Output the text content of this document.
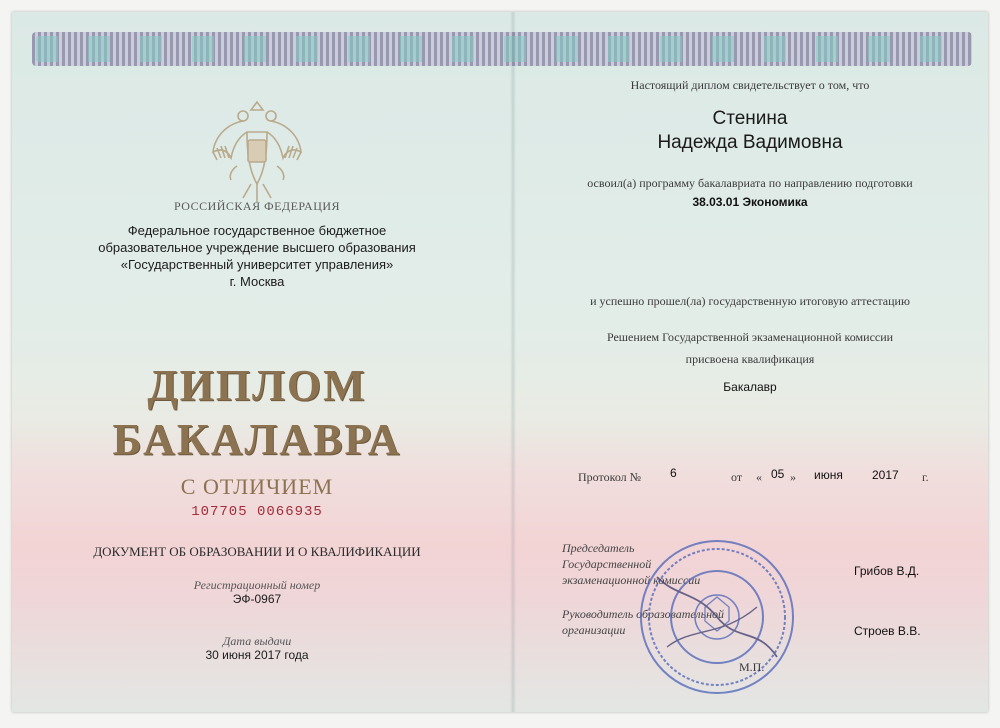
РОССИЙСКАЯ ФЕДЕРАЦИЯ
Федеральное государственное бюджетное
образовательное учреждение высшего образования
«Государственный университет управления»
г. Москва
ДИПЛОМ
БАКАЛАВРА
С ОТЛИЧИЕМ
107705 0066935
ДОКУМЕНТ ОБ ОБРАЗОВАНИИ И О КВАЛИФИКАЦИИ
Регистрационный номер
ЭФ-0967
Дата выдачи
30 июня 2017 года
Настоящий диплом свидетельствует о том, что
Стенина
Надежда Вадимовна
освоил(а) программу бакалавриата по направлению подготовки
38.03.01 Экономика
и успешно прошел(ла) государственную итоговую аттестацию
Решением Государственной экзаменационной комиссии
присвоена квалификация
Бакалавр
Протокол № 6	от « 05 » июня 2017 г.
Председатель
Государственной
экзаменационной комиссии
Грибов В.Д.
Руководитель образовательной
организации	Строев В.В.
М.П.
